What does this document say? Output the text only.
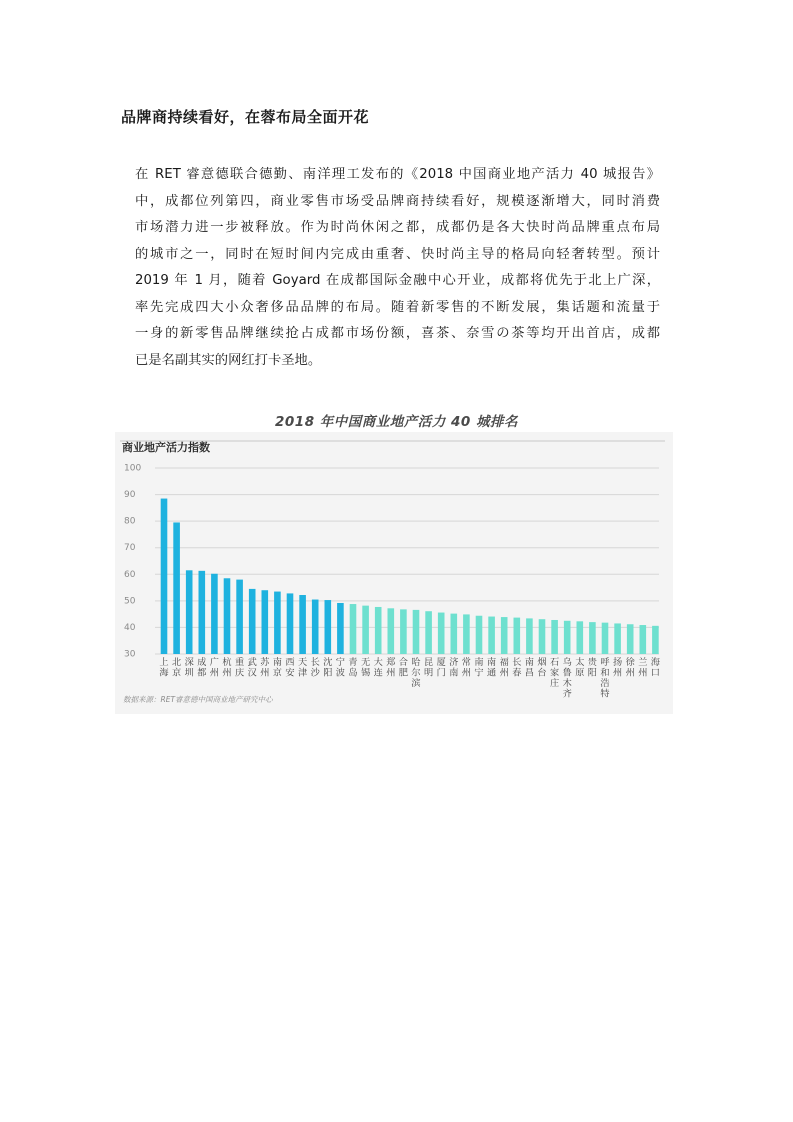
品牌商持续看好，在蓉布局全面开花
在 RET 睿意德联合德勤、南洋理工发布的《2018 中国商业地产活力 40 城报告》
中，成都位列第四，商业零售市场受品牌商持续看好，规模逐渐增大，同时消费
市场潜力进一步被释放。作为时尚休闲之都，成都仍是各大快时尚品牌重点布局
的城市之一，同时在短时间内完成由重奢、快时尚主导的格局向轻奢转型。预计
2019 年 1 月，随着 Goyard 在成都国际金融中心开业，成都将优先于北上广深，
率先完成四大小众奢侈品品牌的布局。随着新零售的不断发展，集话题和流量于
一身的新零售品牌继续抢占成都市场份额，喜茶、奈雪の茶等均开出首店，成都
已是名副其实的网红打卡圣地。
2018 年中国商业地产活力 40 城排名
商业地产活力指数
30
40
50
60
70
80
90
100
上海
北京
深圳
成都
广州
杭州
重庆
武汉
苏州
南京
西安
天津
长沙
沈阳
宁波
青岛
无锡
大连
郑州
合肥
哈尔滨
昆明
厦门
济南
常州
南宁
南通
福州
长春
南昌
烟台
石家庄
乌鲁木齐
太原
贵阳
呼和浩特
扬州
徐州
兰州
海口
数据来源：RET睿意德中国商业地产研究中心
